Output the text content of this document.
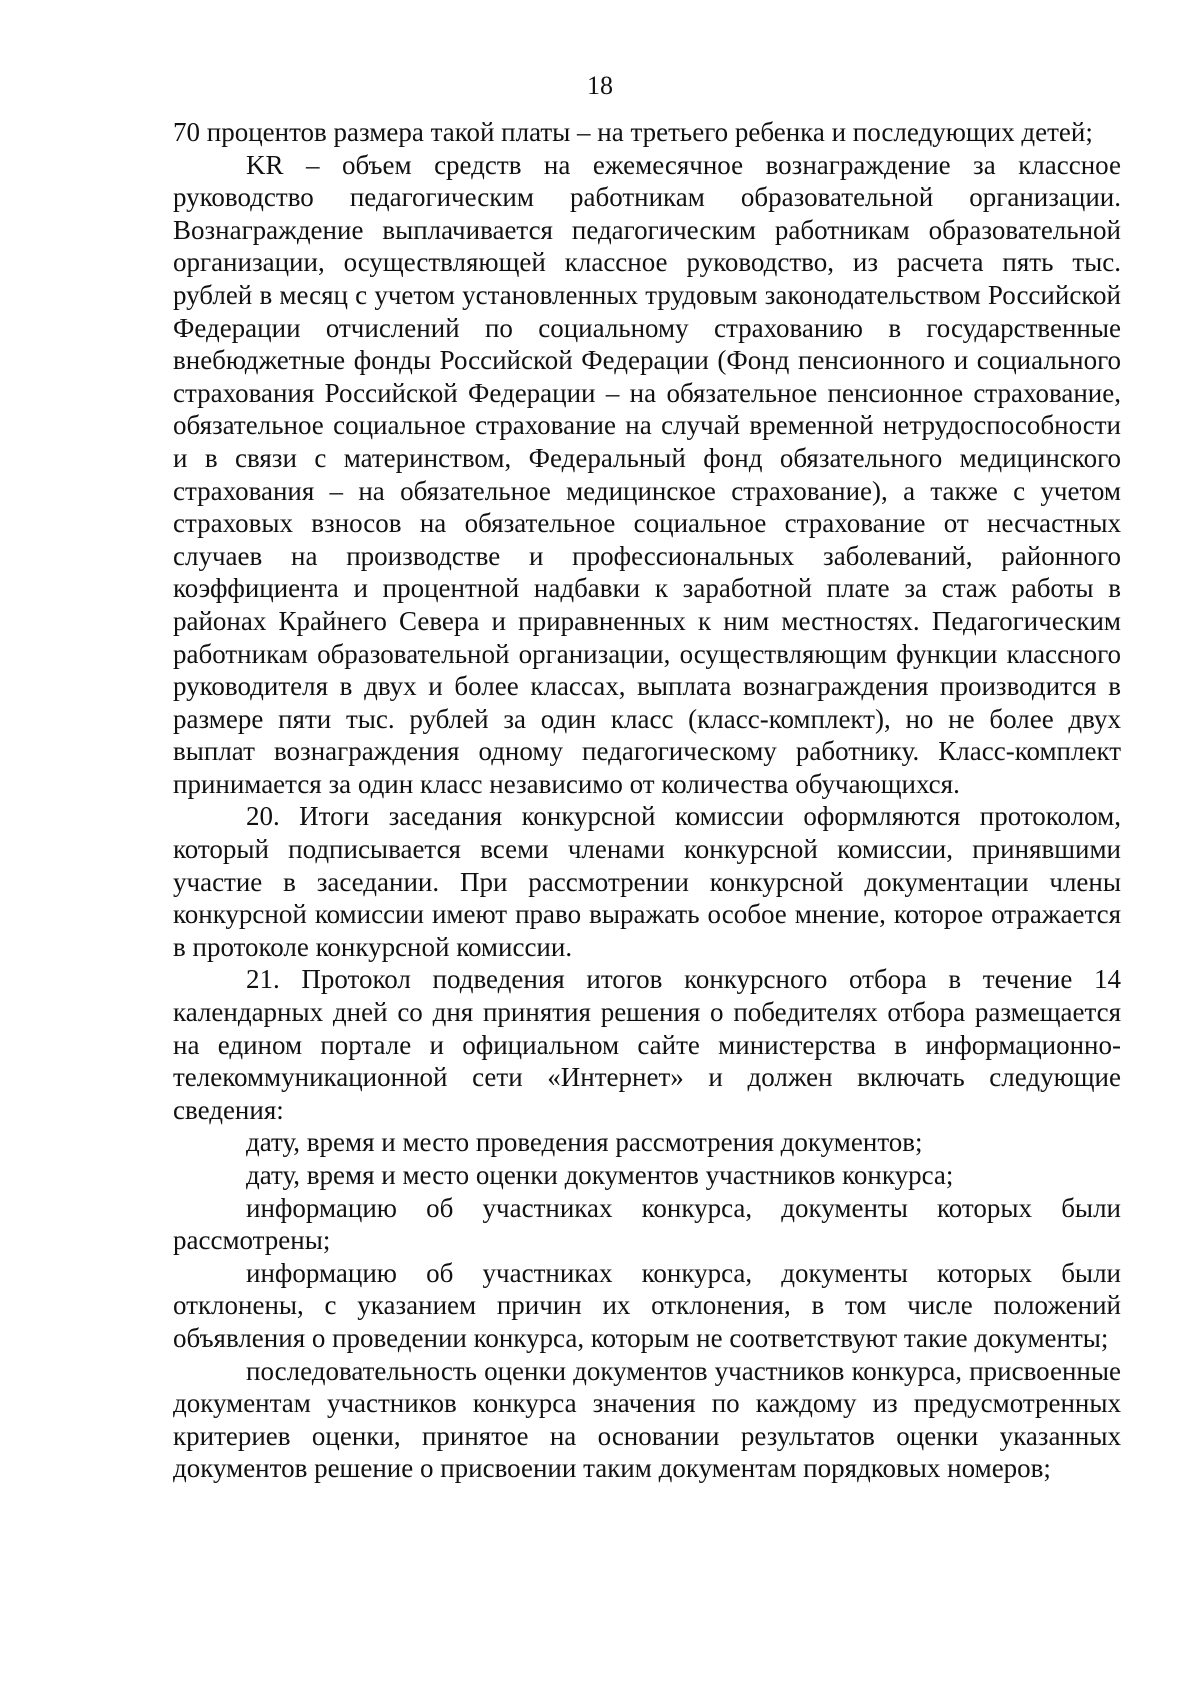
18

70 процентов размера такой платы – на третьего ребенка и последующих детей;

KR – объем средств на ежемесячное вознаграждение за классное руководство педагогическим работникам образовательной организации. Вознаграждение выплачивается педагогическим работникам образовательной организации, осуществляющей классное руководство, из расчета пять тыс. рублей в месяц с учетом установленных трудовым законодательством Российской Федерации отчислений по социальному страхованию в государственные внебюджетные фонды Российской Федерации (Фонд пенсионного и социального страхования Российской Федерации – на обязательное пенсионное страхование, обязательное социальное страхование на случай временной нетрудоспособности и в связи с материнством, Федеральный фонд обязательного медицинского страхования – на обязательное медицинское страхование), а также с учетом страховых взносов на обязательное социальное страхование от несчастных случаев на производстве и профессиональных заболеваний, районного коэффициента и процентной надбавки к заработной плате за стаж работы в районах Крайнего Севера и приравненных к ним местностях. Педагогическим работникам образовательной организации, осуществляющим функции классного руководителя в двух и более классах, выплата вознаграждения производится в размере пяти тыс. рублей за один класс (класс-комплект), но не более двух выплат вознаграждения одному педагогическому работнику. Класс-комплект принимается за один класс независимо от количества обучающихся.

20. Итоги заседания конкурсной комиссии оформляются протоколом, который подписывается всеми членами конкурсной комиссии, принявшими участие в заседании. При рассмотрении конкурсной документации члены конкурсной комиссии имеют право выражать особое мнение, которое отражается в протоколе конкурсной комиссии.

21. Протокол подведения итогов конкурсного отбора в течение 14 календарных дней со дня принятия решения о победителях отбора размещается на едином портале и официальном сайте министерства в информационно-телекоммуникационной сети «Интернет» и должен включать следующие сведения:

дату, время и место проведения рассмотрения документов;

дату, время и место оценки документов участников конкурса;

информацию об участниках конкурса, документы которых были рассмотрены;

информацию об участниках конкурса, документы которых были отклонены, с указанием причин их отклонения, в том числе положений объявления о проведении конкурса, которым не соответствуют такие документы;

последовательность оценки документов участников конкурса, присвоенные документам участников конкурса значения по каждому из предусмотренных критериев оценки, принятое на основании результатов оценки указанных документов решение о присвоении таким документам порядковых номеров;
